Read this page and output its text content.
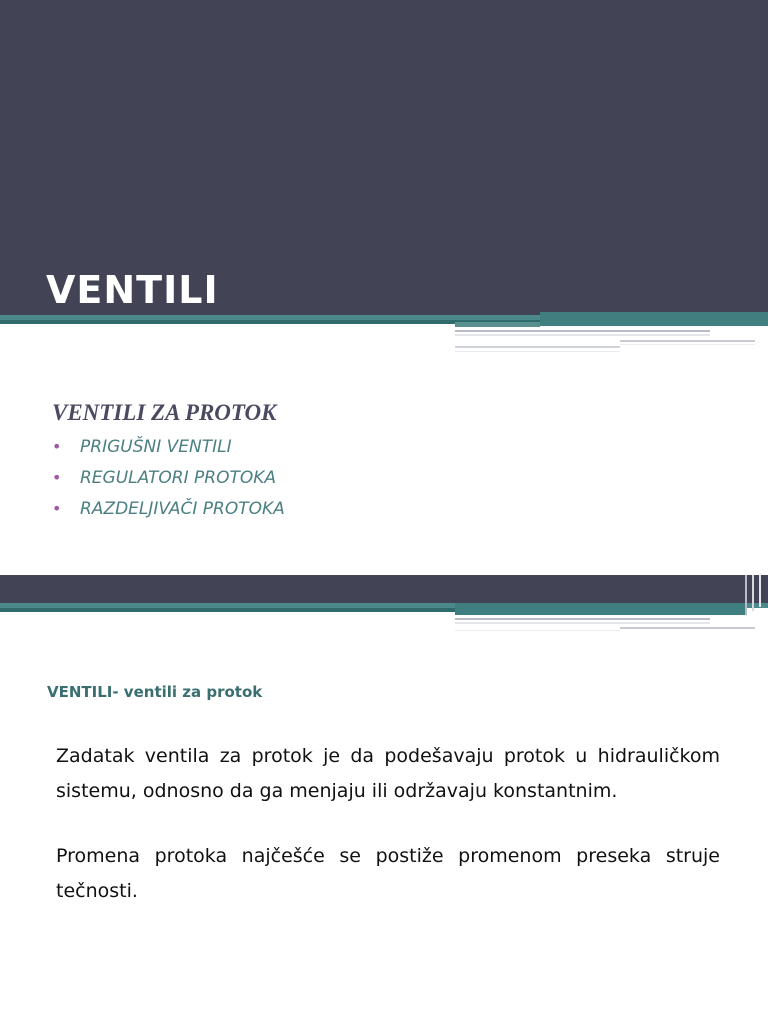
VENTILI
VENTILI ZA PROTOK
• PRIGUŠNI VENTILI
• REGULATORI PROTOKA
• RAZDELJIVAČI PROTOKA
VENTILI- ventili za protok

Zadatak ventila za protok je da podešavaju protok u hidrauličkom sistemu, odnosno da ga menjaju ili održavaju konstantnim.

Promena protoka najčešće se postiže promenom preseka struje tečnosti.
